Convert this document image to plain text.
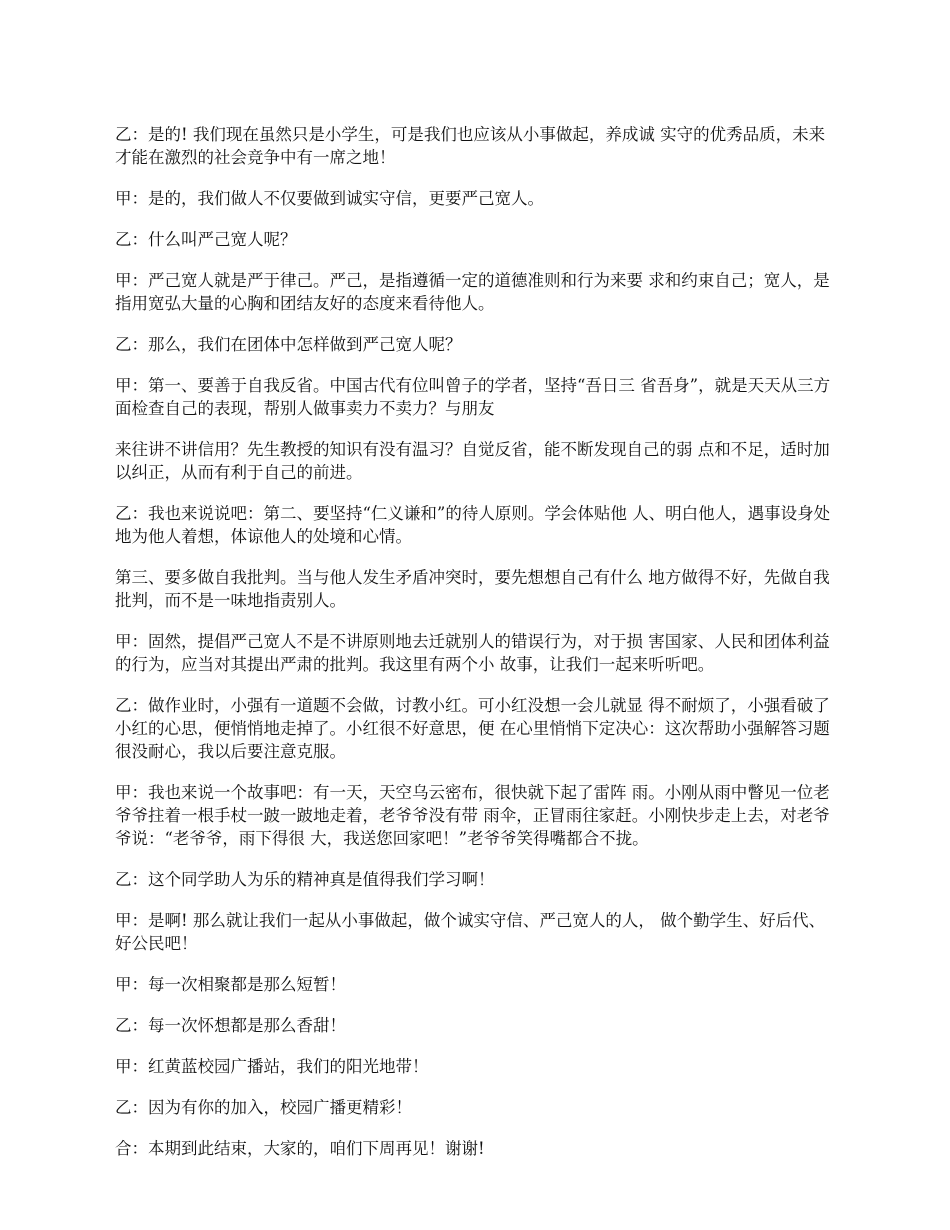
乙：是的! 我们现在虽然只是小学生，可是我们也应该从小事做起，养成诚 实守的优秀品质，未来才能在激烈的社会竞争中有一席之地！

甲：是的，我们做人不仅要做到诚实守信，更要严己宽人。

乙：什么叫严己宽人呢？

甲：严己宽人就是严于律己。严己，是指遵循一定的道德准则和行为来要 求和约束自己；宽人，是指用宽弘大量的心胸和团结友好的态度来看待他人。

乙：那么，我们在团体中怎样做到严己宽人呢？

甲：第一、要善于自我反省。中国古代有位叫曾子的学者，坚持“吾日三 省吾身”，就是天天从三方面检查自己的表现，帮别人做事卖力不卖力？与朋友

来往讲不讲信用？先生教授的知识有没有温习？自觉反省，能不断发现自己的弱 点和不足，适时加以纠正，从而有利于自己的前进。

乙：我也来说说吧：第二、要坚持“仁义谦和”的待人原则。学会体贴他 人、明白他人，遇事设身处地为他人着想，体谅他人的处境和心情。

第三、要多做自我批判。当与他人发生矛盾冲突时，要先想想自己有什么 地方做得不好，先做自我批判，而不是一味地指责别人。

甲：固然，提倡严己宽人不是不讲原则地去迁就别人的错误行为，对于损 害国家、人民和团体利益的行为，应当对其提出严肃的批判。我这里有两个小 故事，让我们一起来听听吧。

乙：做作业时，小强有一道题不会做，讨教小红。可小红没想一会儿就显 得不耐烦了，小强看破了小红的心思，便悄悄地走掉了。小红很不好意思，便 在心里悄悄下定决心：这次帮助小强解答习题很没耐心，我以后要注意克服。

甲：我也来说一个故事吧：有一天，天空乌云密布，很快就下起了雷阵 雨。小刚从雨中瞥见一位老爷爷拄着一根手杖一跛一跛地走着，老爷爷没有带 雨伞，正冒雨往家赶。小刚快步走上去，对老爷爷说：“老爷爷，雨下得很 大，我送您回家吧！”老爷爷笑得嘴都合不拢。

乙：这个同学助人为乐的精神真是值得我们学习啊！

甲：是啊! 那么就让我们一起从小事做起，做个诚实守信、严己宽人的人， 做个勤学生、好后代、好公民吧！

甲：每一次相聚都是那么短暂！

乙：每一次怀想都是那么香甜！

甲：红黄蓝校园广播站，我们的阳光地带！

乙：因为有你的加入，校园广播更精彩！

合：本期到此结束，大家的，咱们下周再见！谢谢!
